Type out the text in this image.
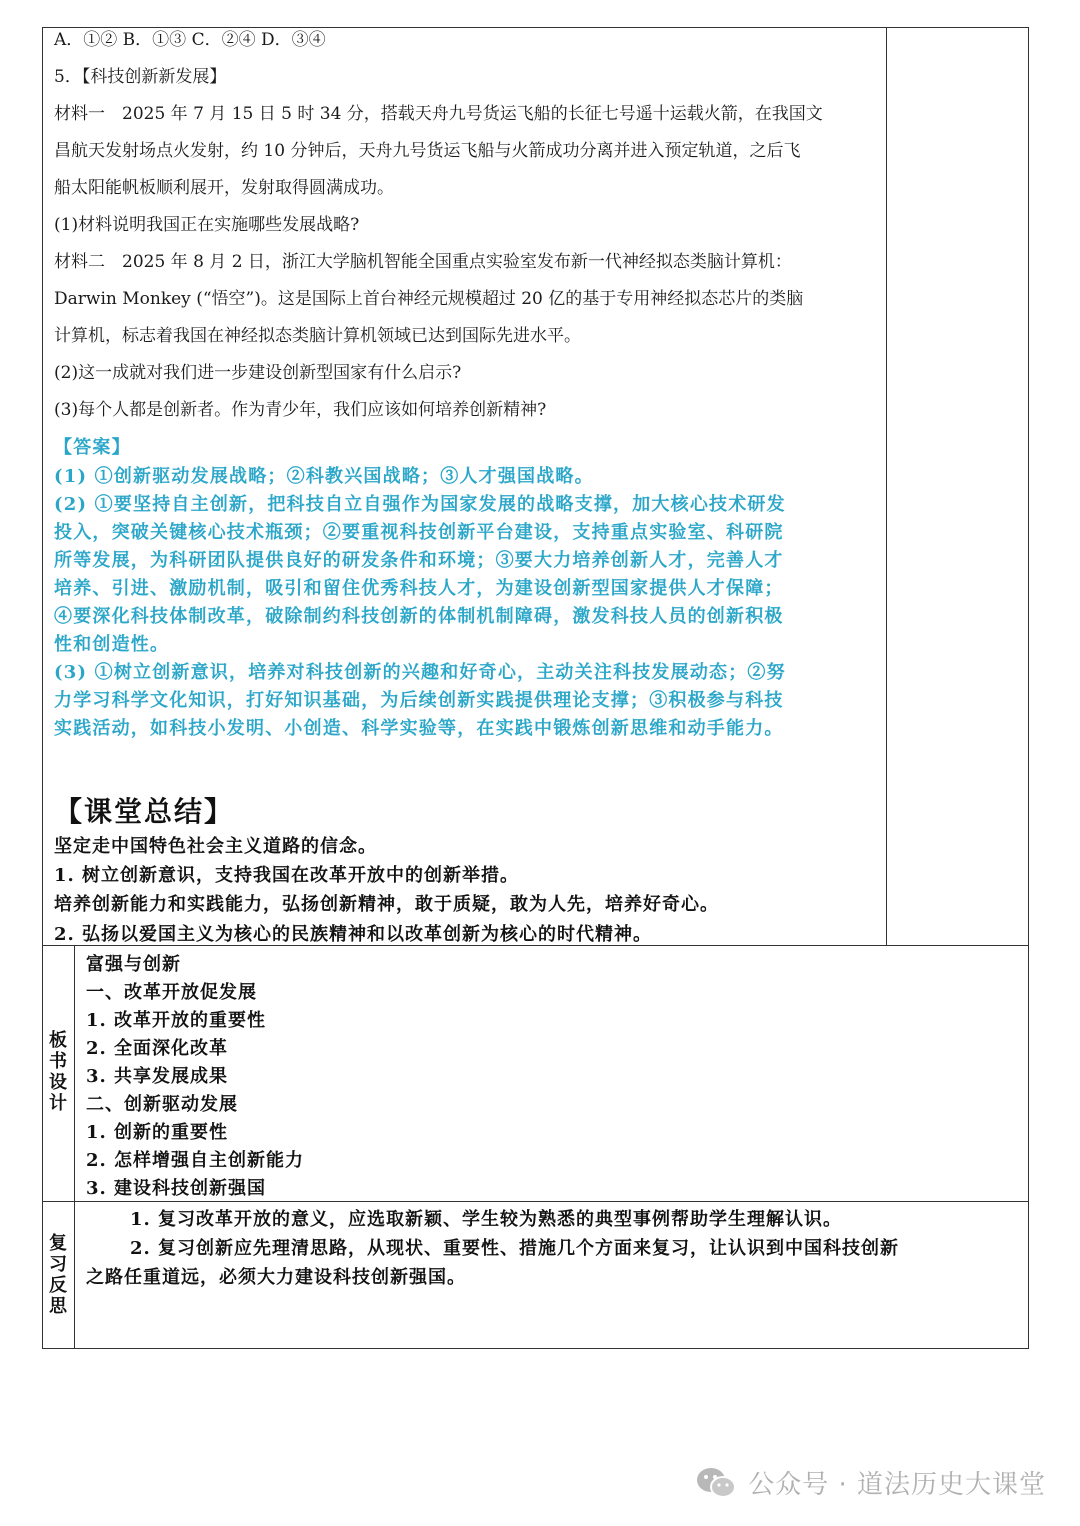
A．①② B．①③ C．②④ D．③④
5．【科技创新新发展】
材料一　2025 年 7 月 15 日 5 时 34 分，搭载天舟九号货运飞船的长征七号遥十运载火箭，在我国文
昌航天发射场点火发射，约 10 分钟后，天舟九号货运飞船与火箭成功分离并进入预定轨道，之后飞
船太阳能帆板顺利展开，发射取得圆满成功。
(1)材料说明我国正在实施哪些发展战略?
材料二　2025 年 8 月 2 日，浙江大学脑机智能全国重点实验室发布新一代神经拟态类脑计算机：
Darwin Monkey (“悟空”)。这是国际上首台神经元规模超过 20 亿的基于专用神经拟态芯片的类脑
计算机，标志着我国在神经拟态类脑计算机领域已达到国际先进水平。
(2)这一成就对我们进一步建设创新型国家有什么启示?
(3)每个人都是创新者。作为青少年，我们应该如何培养创新精神?
【答案】
(1) ①创新驱动发展战略；②科教兴国战略；③人才强国战略。
(2) ①要坚持自主创新，把科技自立自强作为国家发展的战略支撑，加大核心技术研发
投入，突破关键核心技术瓶颈；②要重视科技创新平台建设，支持重点实验室、科研院
所等发展，为科研团队提供良好的研发条件和环境；③要大力培养创新人才，完善人才
培养、引进、激励机制，吸引和留住优秀科技人才，为建设创新型国家提供人才保障；
④要深化科技体制改革，破除制约科技创新的体制机制障碍，激发科技人员的创新积极
性和创造性。
(3) ①树立创新意识，培养对科技创新的兴趣和好奇心，主动关注科技发展动态；②努
力学习科学文化知识，打好知识基础，为后续创新实践提供理论支撑；③积极参与科技
实践活动，如科技小发明、小创造、科学实验等，在实践中锻炼创新思维和动手能力。
【课堂总结】
坚定走中国特色社会主义道路的信念。
1. 树立创新意识，支持我国在改革开放中的创新举措。
培养创新能力和实践能力，弘扬创新精神，敢于质疑，敢为人先，培养好奇心。
2. 弘扬以爱国主义为核心的民族精神和以改革创新为核心的时代精神。
板书设计
富强与创新
一、改革开放促发展
1. 改革开放的重要性
2. 全面深化改革
3. 共享发展成果
二、创新驱动发展
1. 创新的重要性
2. 怎样增强自主创新能力
3. 建设科技创新强国
复习反思
1. 复习改革开放的意义，应选取新颖、学生较为熟悉的典型事例帮助学生理解认识。
2. 复习创新应先理清思路，从现状、重要性、措施几个方面来复习，让认识到中国科技创新
之路任重道远，必须大力建设科技创新强国。
公众号 · 道法历史大课堂
